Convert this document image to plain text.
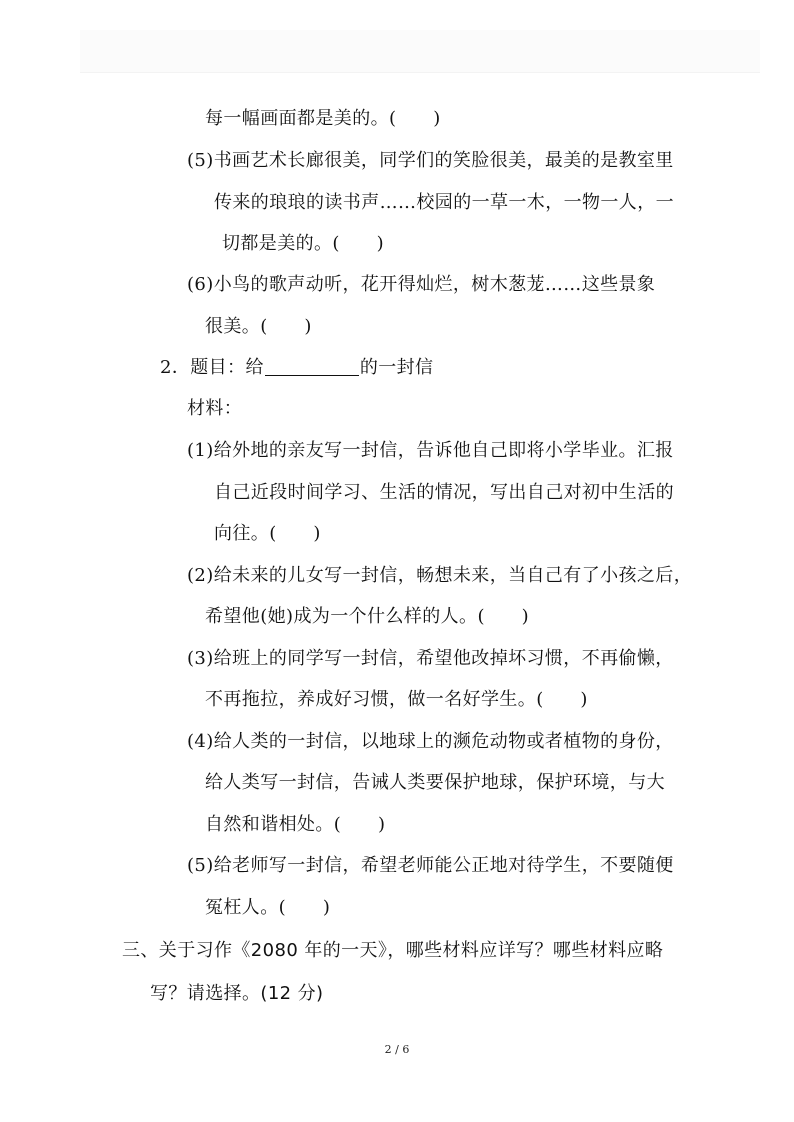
每一幅画面都是美的。(　　)
(5)书画艺术长廊很美，同学们的笑脸很美，最美的是教室里
传来的琅琅的读书声……校园的一草一木，一物一人，一
切都是美的。(　　)
(6)小鸟的歌声动听，花开得灿烂，树木葱茏……这些景象
很美。(　　)
2．题目：给	的一封信
材料：
(1)给外地的亲友写一封信，告诉他自己即将小学毕业。汇报
自己近段时间学习、生活的情况，写出自己对初中生活的
向往。(　　)
(2)给未来的儿女写一封信，畅想未来，当自己有了小孩之后，
希望他(她)成为一个什么样的人。(　　)
(3)给班上的同学写一封信，希望他改掉坏习惯，不再偷懒，
不再拖拉，养成好习惯，做一名好学生。(　　)
(4)给人类的一封信，以地球上的濒危动物或者植物的身份，
给人类写一封信，告诫人类要保护地球，保护环境，与大
自然和谐相处。(　　)
(5)给老师写一封信，希望老师能公正地对待学生，不要随便
冤枉人。(　　)
三、关于习作《2080 年的一天》，哪些材料应详写？哪些材料应略
写？请选择。(12 分)
2 / 6
